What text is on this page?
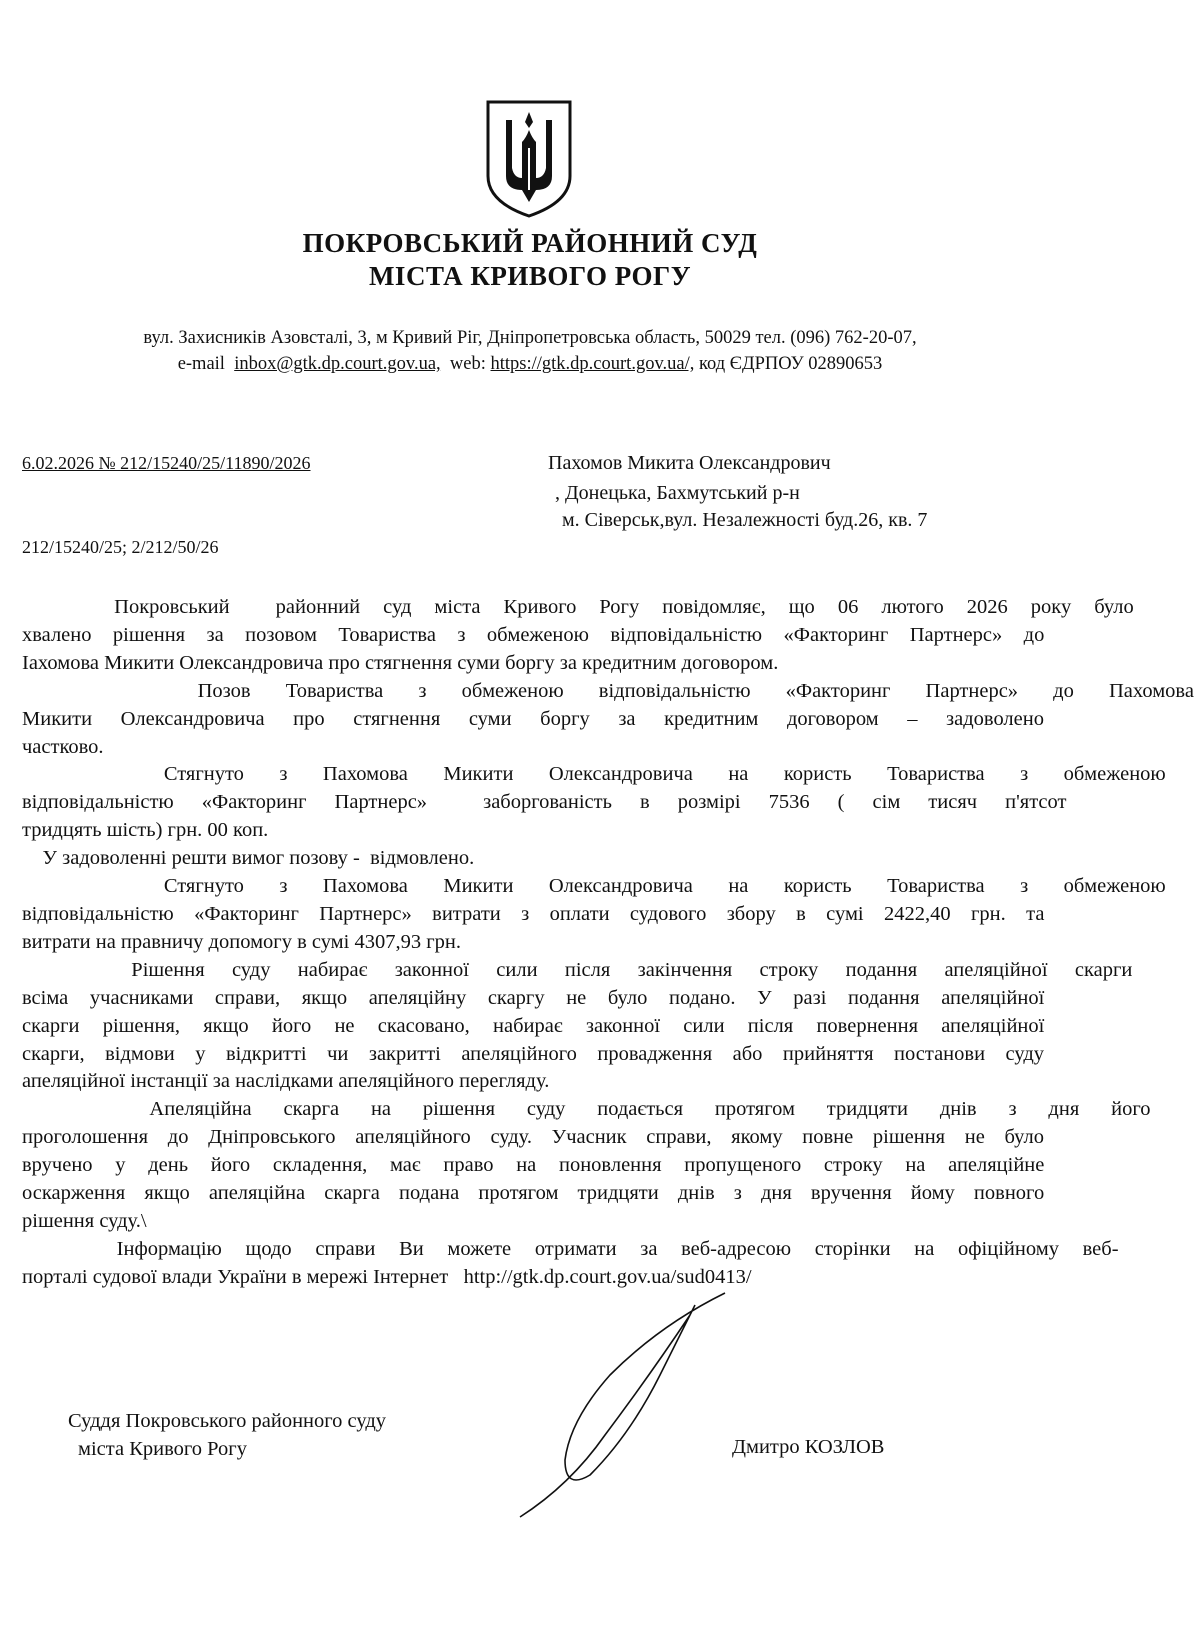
ПОКРОВСЬКИЙ РАЙОННИЙ СУД
МІСТА КРИВОГО РОГУ
вул. Захисників Азовсталі, 3, м Кривий Ріг, Дніпропетровська область, 50029 тел. (096) 762-20-07,
e-mail inbox@gtk.dp.court.gov.ua, web: https://gtk.dp.court.gov.ua/, код ЄДРПОУ 02890653
6.02.2026 № 212/15240/25/11890/2026
212/15240/25; 2/212/50/26
Пахомов Микита Олександрович
, Донецька, Бахмутський р-н
м. Сіверськ,вул. Незалежності буд.26, кв. 7
Покровський  районний суд міста Кривого Рогу повідомляє, що 06 лютого 2026 року було
хвалено рішення за позовом Товариства з обмеженою відповідальністю «Факторинг Партнерс» до
Іахомова Микити Олександровича про стягнення суми боргу за кредитним договором.
Позов Товариства з обмеженою відповідальністю «Факторинг Партнерс» до Пахомова
Микити Олександровича про стягнення суми боргу за кредитним договором – задоволено
частково.
Стягнуто з Пахомова Микити Олександровича на користь Товариства з обмеженою
відповідальністю «Факторинг Партнерс»  заборгованість в розмірі 7536 ( сім тисяч п'ятсот
тридцять шість) грн. 00 коп.
У задоволенні решти вимог позову -  відмовлено.
Стягнуто з Пахомова Микити Олександровича на користь Товариства з обмеженою
відповідальністю «Факторинг Партнерс» витрати з оплати судового збору в сумі 2422,40 грн. та
витрати на правничу допомогу в сумі 4307,93 грн.
Рішення суду набирає законної сили після закінчення строку подання апеляційної скарги
всіма учасниками справи, якщо апеляційну скаргу не було подано. У разі подання апеляційної
скарги рішення, якщо його не скасовано, набирає законної сили після повернення апеляційної
скарги, відмови у відкритті чи закритті апеляційного провадження або прийняття постанови суду
апеляційної інстанції за наслідками апеляційного перегляду.
Апеляційна скарга на рішення суду подається протягом тридцяти днів з дня його
проголошення до Дніпровського апеляційного суду. Учасник справи, якому повне рішення не було
вручено у день його складення, має право на поновлення пропущеного строку на апеляційне
оскарження якщо апеляційна скарга подана протягом тридцяти днів з дня вручення йому повного
рішення суду.\
Інформацію щодо справи Ви можете отримати за веб-адресою сторінки на офіційному веб-
порталі судової влади України в мережі Інтернет   http://gtk.dp.court.gov.ua/sud0413/
Суддя Покровського районного суду
міста Кривого Рогу	Дмитро КОЗЛОВ
